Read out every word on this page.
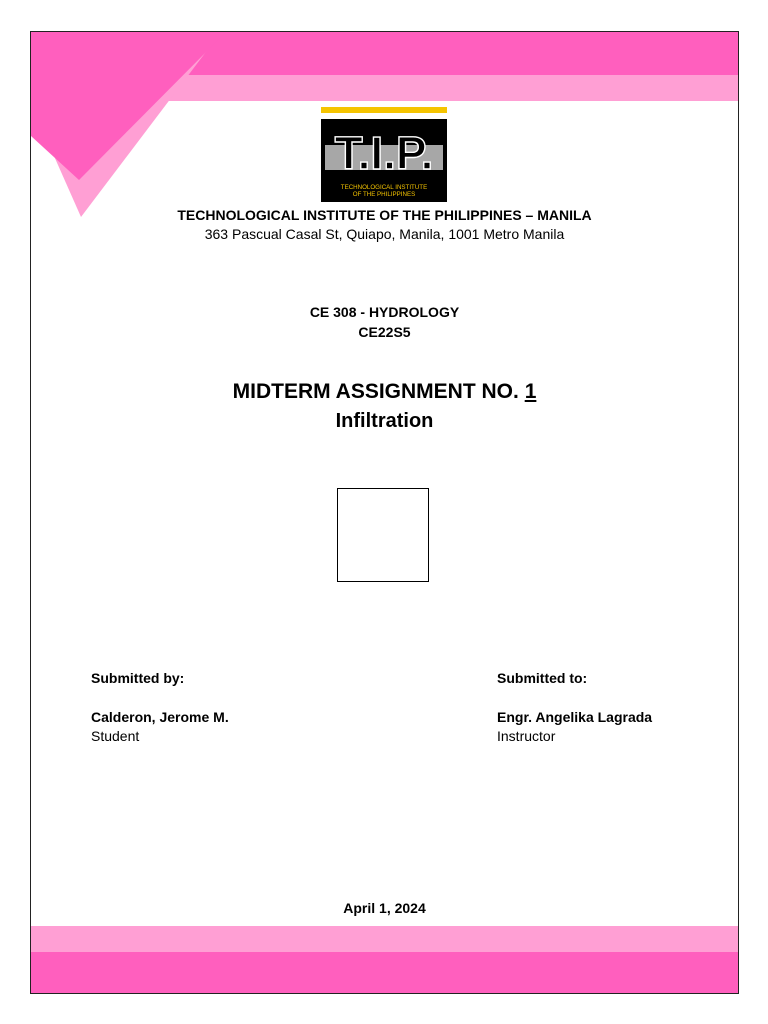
T.I.P.
TECHNOLOGICAL INSTITUTE
OF THE PHILIPPINES
TECHNOLOGICAL INSTITUTE OF THE PHILIPPINES – MANILA
363 Pascual Casal St, Quiapo, Manila, 1001 Metro Manila
CE 308 - HYDROLOGY
CE22S5
MIDTERM ASSIGNMENT NO. 1
Infiltration
Submitted by:
Calderon, Jerome M.
Student
Submitted to:
Engr. Angelika Lagrada
Instructor
April 1, 2024
